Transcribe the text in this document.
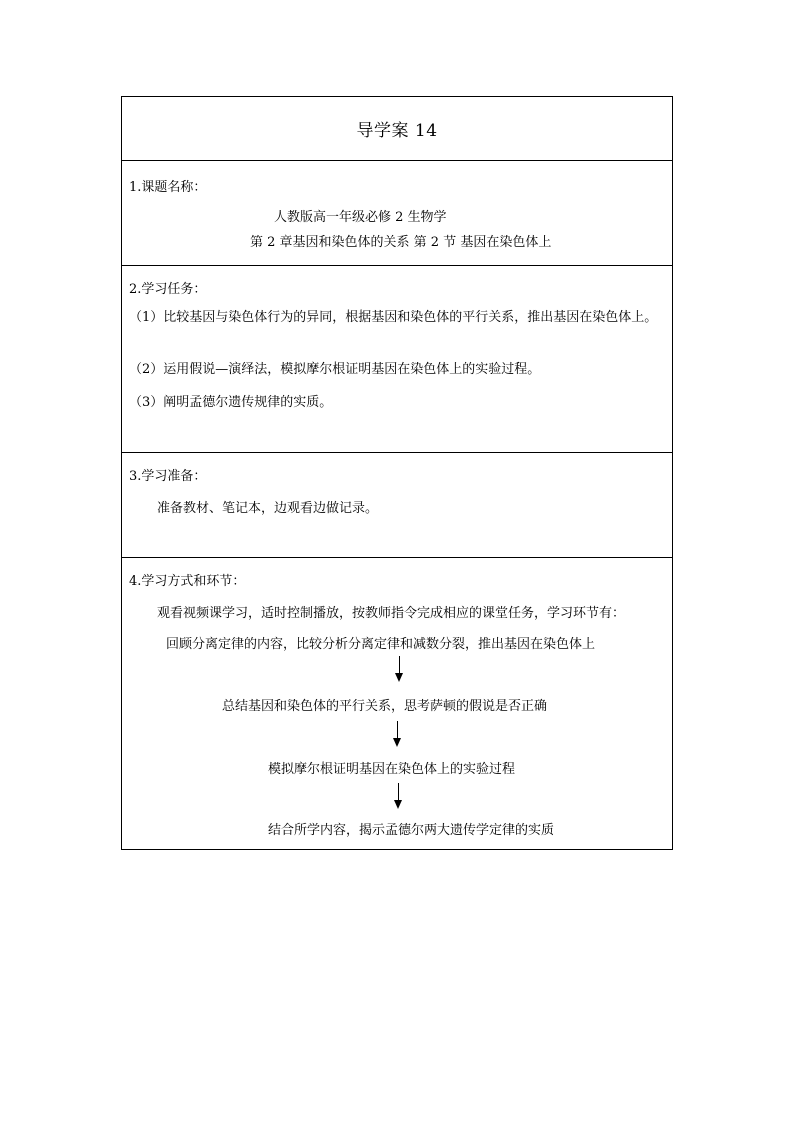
导学案 14
1.课题名称：
人教版高一年级必修 2 生物学
第 2 章基因和染色体的关系 第 2 节 基因在染色体上
2.学习任务：
（1）比较基因与染色体行为的异同，根据基因和染色体的平行关系，推出基因在染色体上。
（2）运用假说—演绎法，模拟摩尔根证明基因在染色体上的实验过程。
（3）阐明孟德尔遗传规律的实质。
3.学习准备：
准备教材、笔记本，边观看边做记录。
4.学习方式和环节：
观看视频课学习，适时控制播放，按教师指令完成相应的课堂任务，学习环节有：
回顾分离定律的内容，比较分析分离定律和减数分裂，推出基因在染色体上
总结基因和染色体的平行关系，思考萨顿的假说是否正确
模拟摩尔根证明基因在染色体上的实验过程
结合所学内容，揭示孟德尔两大遗传学定律的实质
